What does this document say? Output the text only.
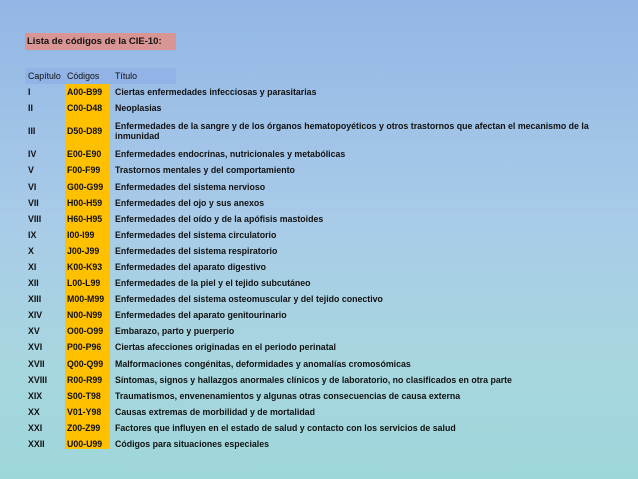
Lista de códigos de la CIE-10:
Capítulo Códigos	Título
I	A00-B99	Ciertas enfermedades infecciosas y parasitarias
II	C00-D48	Neoplasias
III	D50-D89	Enfermedades de la sangre y de los órganos hematopoyéticos y otros trastornos que afectan el mecanismo de la inmunidad
IV	E00-E90	Enfermedades endocrinas, nutricionales y metabólicas
V	F00-F99	Trastornos mentales y del comportamiento
VI	G00-G99	Enfermedades del sistema nervioso
VII	H00-H59	Enfermedades del ojo y sus anexos
VIII	H60-H95	Enfermedades del oído y de la apófisis mastoides
IX	I00-I99	Enfermedades del sistema circulatorio
X	J00-J99	Enfermedades del sistema respiratorio
XI	K00-K93	Enfermedades del aparato digestivo
XII	L00-L99	Enfermedades de la piel y el tejido subcutáneo
XIII	M00-M99	Enfermedades del sistema osteomuscular y del tejido conectivo
XIV	N00-N99	Enfermedades del aparato genitourinario
XV	O00-O99	Embarazo, parto y puerperio
XVI	P00-P96	Ciertas afecciones originadas en el periodo perinatal
XVII	Q00-Q99	Malformaciones congénitas, deformidades y anomalías cromosómicas
XVIII	R00-R99	Síntomas, signos y hallazgos anormales clínicos y de laboratorio, no clasificados en otra parte
XIX	S00-T98	Traumatismos, envenenamientos y algunas otras consecuencias de causa externa
XX	V01-Y98	Causas extremas de morbilidad y de mortalidad
XXI	Z00-Z99	Factores que influyen en el estado de salud y contacto con los servicios de salud
XXII	U00-U99	Códigos para situaciones especiales
